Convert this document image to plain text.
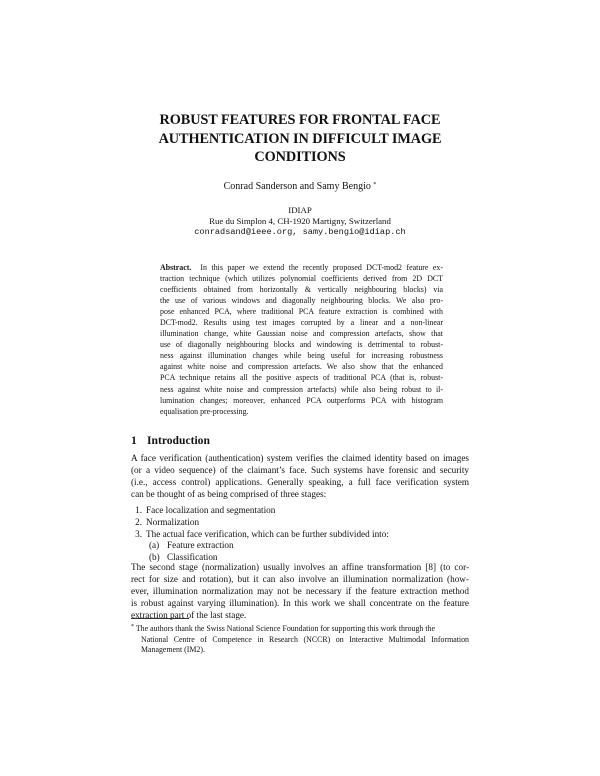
ROBUST FEATURES FOR FRONTAL FACE
AUTHENTICATION IN DIFFICULT IMAGE
CONDITIONS
Conrad Sanderson and Samy Bengio *
IDIAP
Rue du Simplon 4, CH-1920 Martigny, Switzerland
conradsand@ieee.org, samy.bengio@idiap.ch
Abstract. In this paper we extend the recently proposed DCT-mod2 feature ex-
traction technique (which utilizes polynomial coefficients derived from 2D DCT
coefficients obtained from horizontally & vertically neighbouring blocks) via
the use of various windows and diagonally neighbouring blocks. We also pro-
pose enhanced PCA, where traditional PCA feature extraction is combined with
DCT-mod2. Results using test images corrupted by a linear and a non-linear
illumination change, white Gaussian noise and compression artefacts, show that
use of diagonally neighbouring blocks and windowing is detrimental to robust-
ness against illumination changes while being useful for increasing robustness
against white noise and compression artefacts. We also show that the enhanced
PCA technique retains all the positive aspects of traditional PCA (that is, robust-
ness against white noise and compression artefacts) while also being robust to il-
lumination changes; moreover, enhanced PCA outperforms PCA with histogram
equalisation pre-processing.
1 Introduction
A face verification (authentication) system verifies the claimed identity based on images
(or a video sequence) of the claimant’s face. Such systems have forensic and security
(i.e., access control) applications. Generally speaking, a full face verification system
can be thought of as being comprised of three stages:
1. Face localization and segmentation
2. Normalization
3. The actual face verification, which can be further subdivided into:
(a) Feature extraction
(b) Classification
The second stage (normalization) usually involves an affine transformation [8] (to cor-
rect for size and rotation), but it can also involve an illumination normalization (how-
ever, illumination normalization may not be necessary if the feature extraction method
is robust against varying illumination). In this work we shall concentrate on the feature
extraction part of the last stage.
* The authors thank the Swiss National Science Foundation for supporting this work through the
National Centre of Competence in Research (NCCR) on Interactive Multimodal Information
Management (IM2).
